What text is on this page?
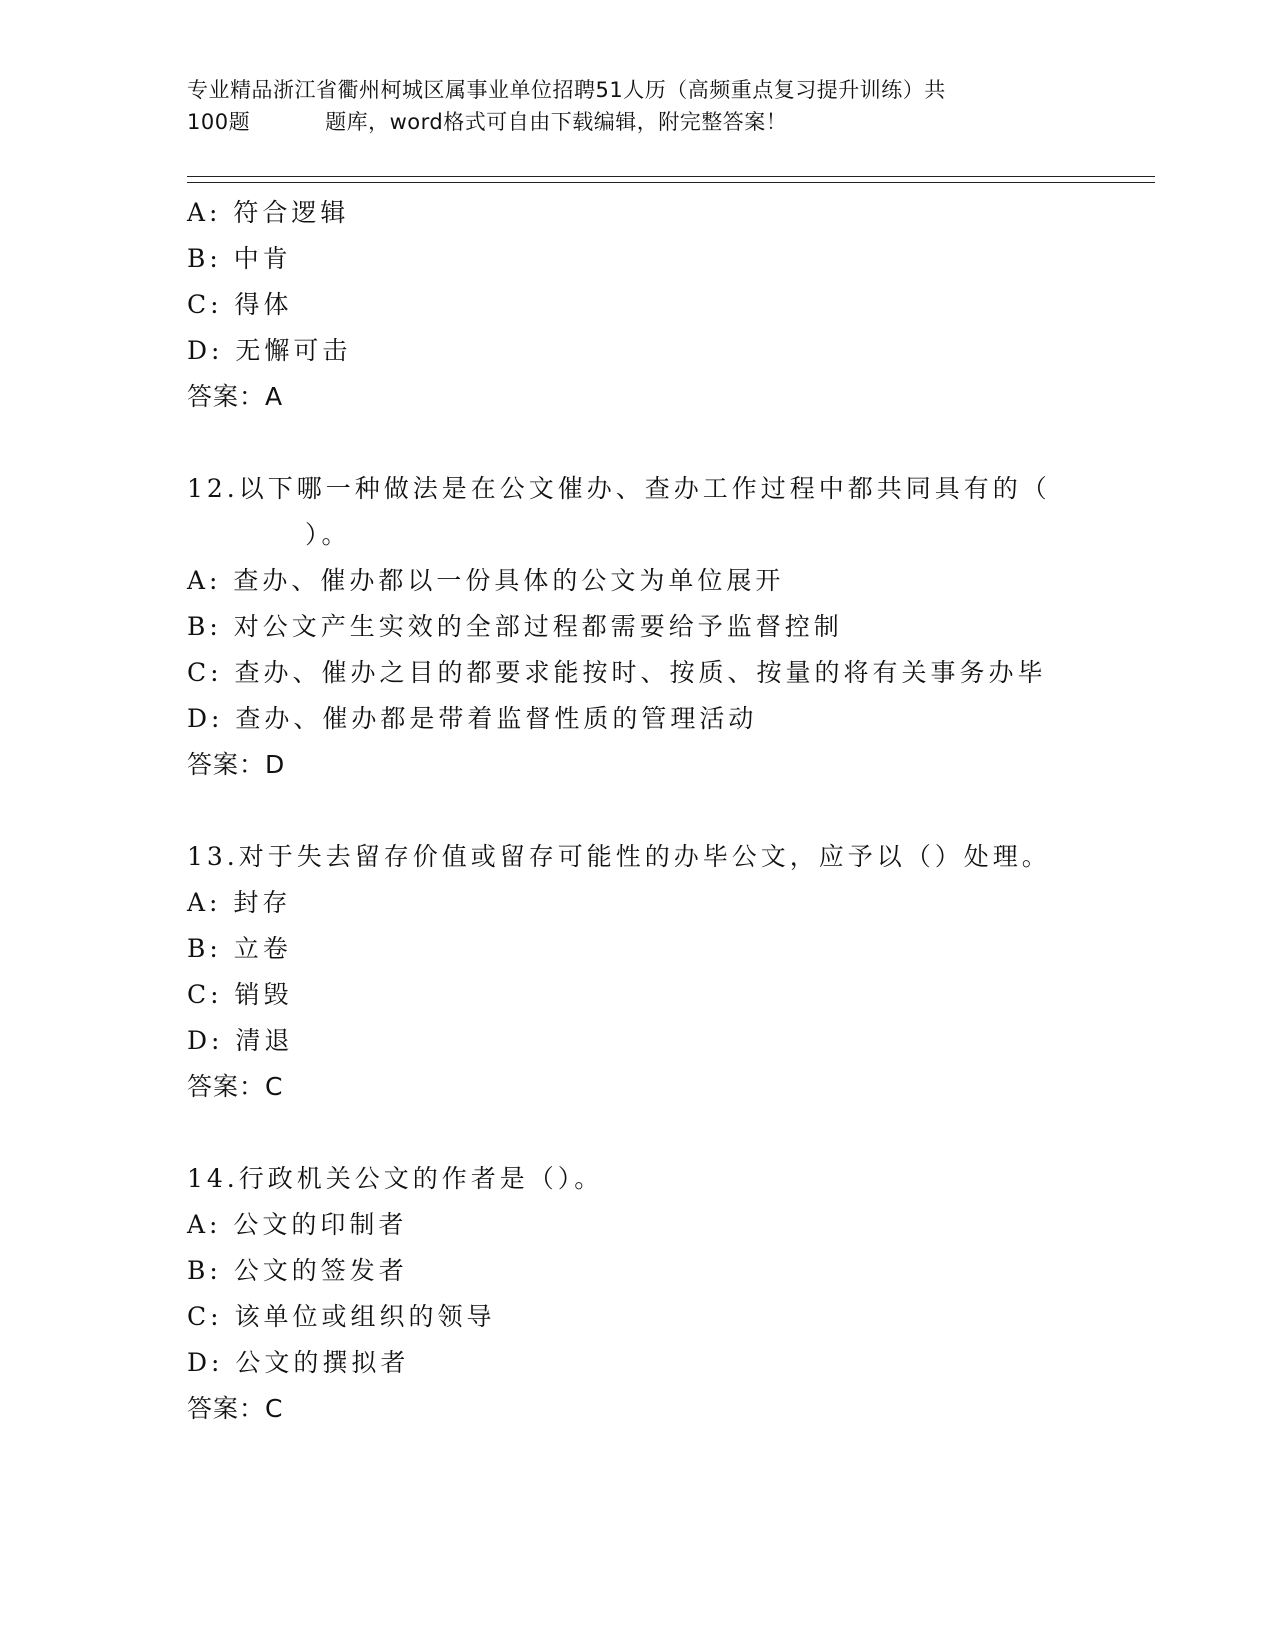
专业精品浙江省衢州柯城区属事业单位招聘51人历（高频重点复习提升训练）共
100题	题库，word格式可自由下载编辑，附完整答案！
A: 符合逻辑
B: 中肯
C: 得体
D: 无懈可击
答案：A
12.以下哪一种做法是在公文催办、查办工作过程中都共同具有的（
）。
A: 查办、催办都以一份具体的公文为单位展开
B: 对公文产生实效的全部过程都需要给予监督控制
C: 查办、催办之目的都要求能按时、按质、按量的将有关事务办毕
D: 查办、催办都是带着监督性质的管理活动
答案：D
13.对于失去留存价值或留存可能性的办毕公文，应予以（）处理。
A: 封存
B: 立卷
C: 销毁
D: 清退
答案：C
14.行政机关公文的作者是（）。
A: 公文的印制者
B: 公文的签发者
C: 该单位或组织的领导
D: 公文的撰拟者
答案：C
